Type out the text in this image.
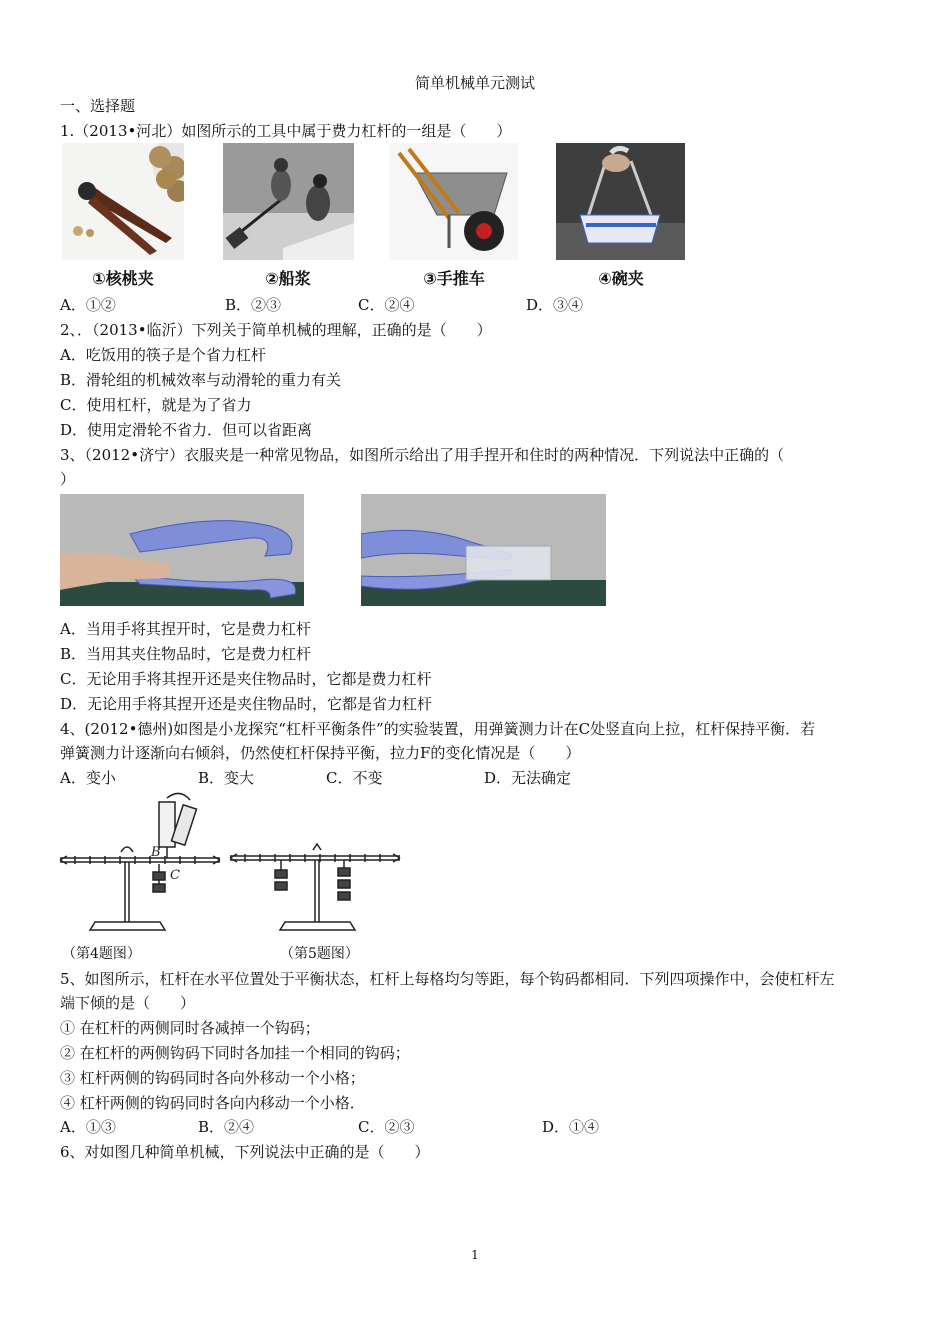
简单机械单元测试
一、选择题
1.（2013•河北）如图所示的工具中属于费力杠杆的一组是（　　）
①核桃夹	②船浆	③手推车	④碗夹
A．①②	B．②③	C．②④	D．③④
2、．（2013•临沂）下列关于简单机械的理解，正确的是（　　）
A．吃饭用的筷子是个省力杠杆
B．滑轮组的机械效率与动滑轮的重力有关
C．使用杠杆，就是为了省力
D．使用定滑轮不省力．但可以省距离
3、（2012•济宁）衣服夹是一种常见物品，如图所示给出了用手捏开和住时的两种情况．下列说法中正确的（
）
A．当用手将其捏开时，它是费力杠杆
B．当用其夹住物品时，它是费力杠杆
C．无论用手将其捏开还是夹住物品时，它都是费力杠杆
D．无论用手将其捏开还是夹住物品时，它都是省力杠杆
4、(2012•德州)如图是小龙探究“杠杆平衡条件”的实验装置，用弹簧测力计在C处竖直向上拉，杠杆保持平衡．若
弹簧测力计逐渐向右倾斜，仍然使杠杆保持平衡，拉力F的变化情况是（　　）
A．变小	B．变大	C．不变	D．无法确定
B
C
（第4题图）	（第5题图）
5、如图所示，杠杆在水平位置处于平衡状态，杠杆上每格均匀等距，每个钩码都相同．下列四项操作中，会使杠杆左
端下倾的是（　　）
① 在杠杆的两侧同时各减掉一个钩码；
② 在杠杆的两侧钩码下同时各加挂一个相同的钩码；
③ 杠杆两侧的钩码同时各向外移动一个小格；
④ 杠杆两侧的钩码同时各向内移动一个小格．
A．①③	B．②④	C．②③	D．①④
6、对如图几种简单机械，下列说法中正确的是（　　）
1
